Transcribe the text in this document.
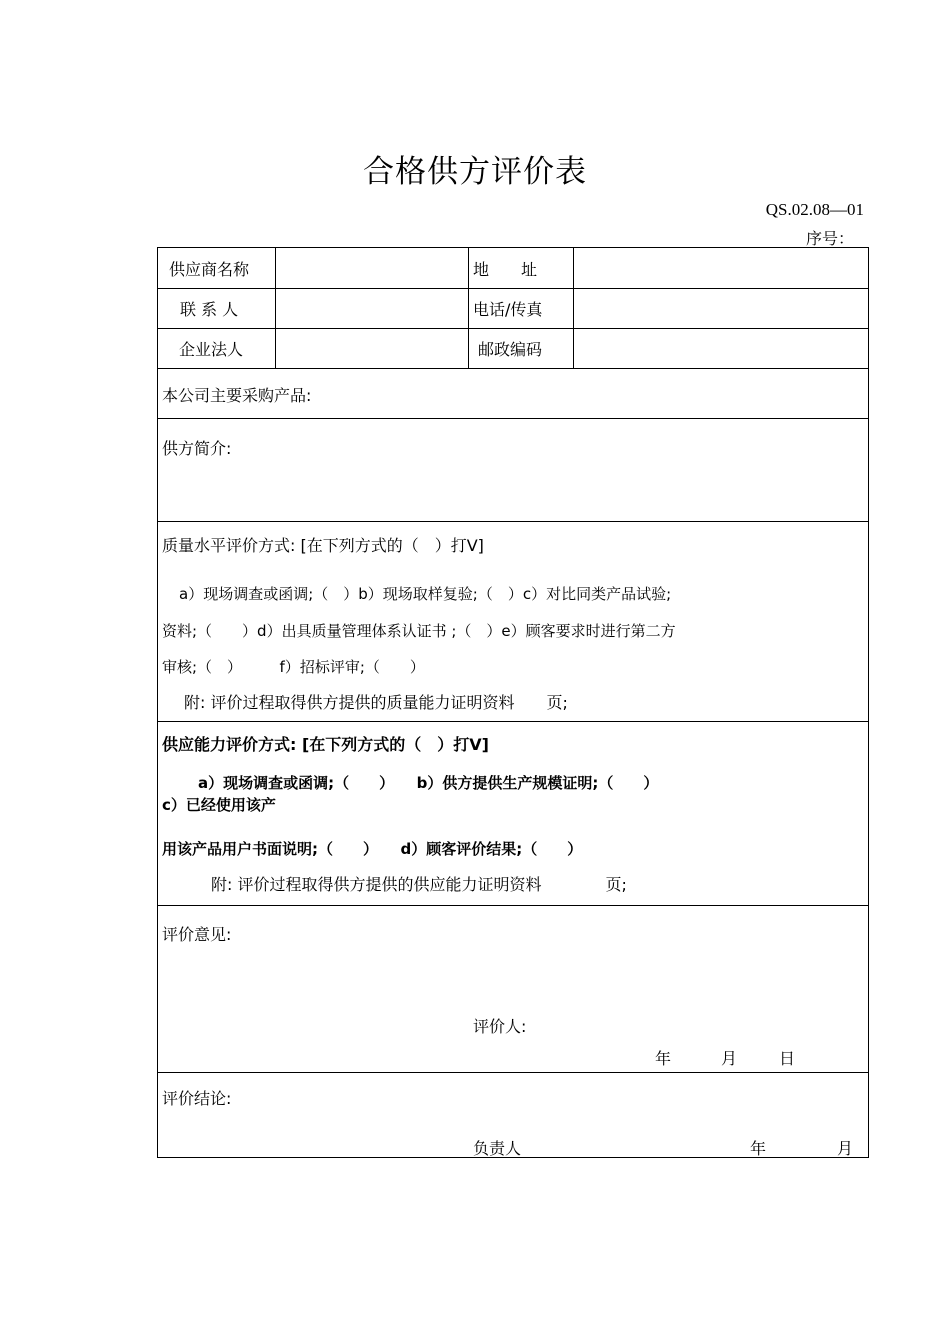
合格供方评价表
QS.02.08—01
序号：
供应商名称	地　　址
联 系 人	电话/传真
企业法人	邮政编码
本公司主要采购产品:
供方简介:
质量水平评价方式: [在下列方式的（　）打V]
a）现场调查或函调;（　）b）现场取样复验;（　）c）对比同类产品试验;
资料;（　　）d）出具质量管理体系认证书 ;（　）e）顾客要求时进行第二方
审核;（　）　　　f）招标评审;（　　）
附: 评价过程取得供方提供的质量能力证明资料　　页;
供应能力评价方式: [在下列方式的（　）打V]
a）现场调查或函调;（　　）　　b）供方提供生产规模证明;（　　）
c）已经使用该产
用该产品用户书面说明;（　　）　　d）顾客评价结果;（　　）
附: 评价过程取得供方提供的供应能力证明资料　　　　页;
评价意见:
评价人:
年	月	日
评价结论:
负责人	年	月
